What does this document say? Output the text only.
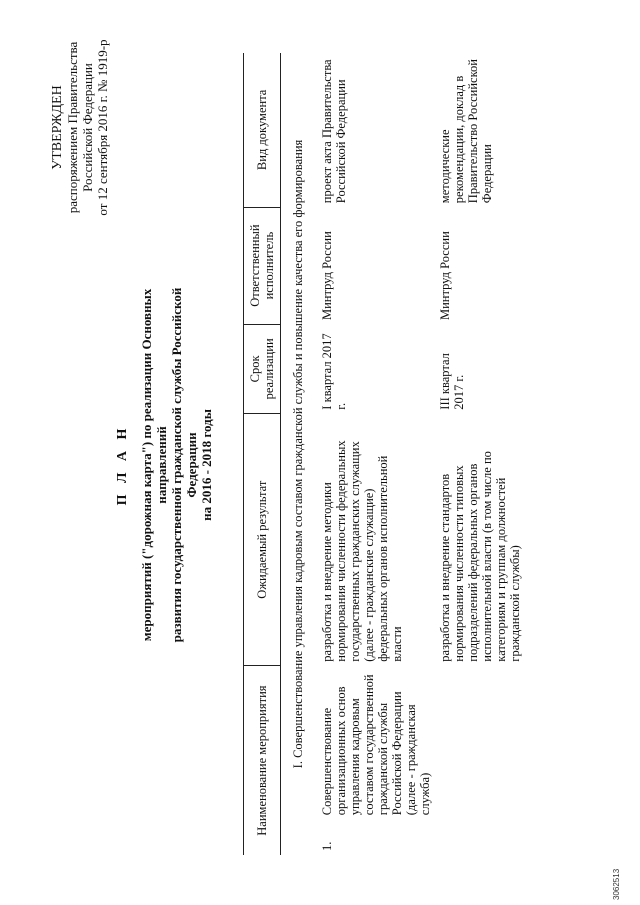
УТВЕРЖДЕН распоряжением Правительства Российской Федерации от 12 сентября 2016 г. № 1919-р
П Л А Н мероприятий ("дорожная карта") по реализации Основных направлений развития государственной гражданской службы Российской Федерации на 2016 - 2018 годы
Наименование мероприятия		Ожидаемый результат	Срок реализации	Ответственный исполнитель	Вид документа
I. Совершенствование управления кадровым составом гражданской службы и повышение качества его формирования					
1.	Совершенствование организационных основ управления кадровым составом государственной гражданской службы Российской Федерации (далее - гражданская служба)	разработка и внедрение методики нормирования численности федеральных государственных гражданских служащих (далее - гражданские служащие) федеральных органов исполнительной власти	I квартал 2017 г.	Минтруд России	проект акта Правительства Российской Федерации
		разработка и внедрение стандартов нормирования численности типовых подразделений федеральных органов исполнительной власти (в том числе по категориям и группам должностей гражданской службы)	III квартал 2017 г.	Минтруд России	методические рекомендации, доклад в Правительство Российской Федерации
3062513
